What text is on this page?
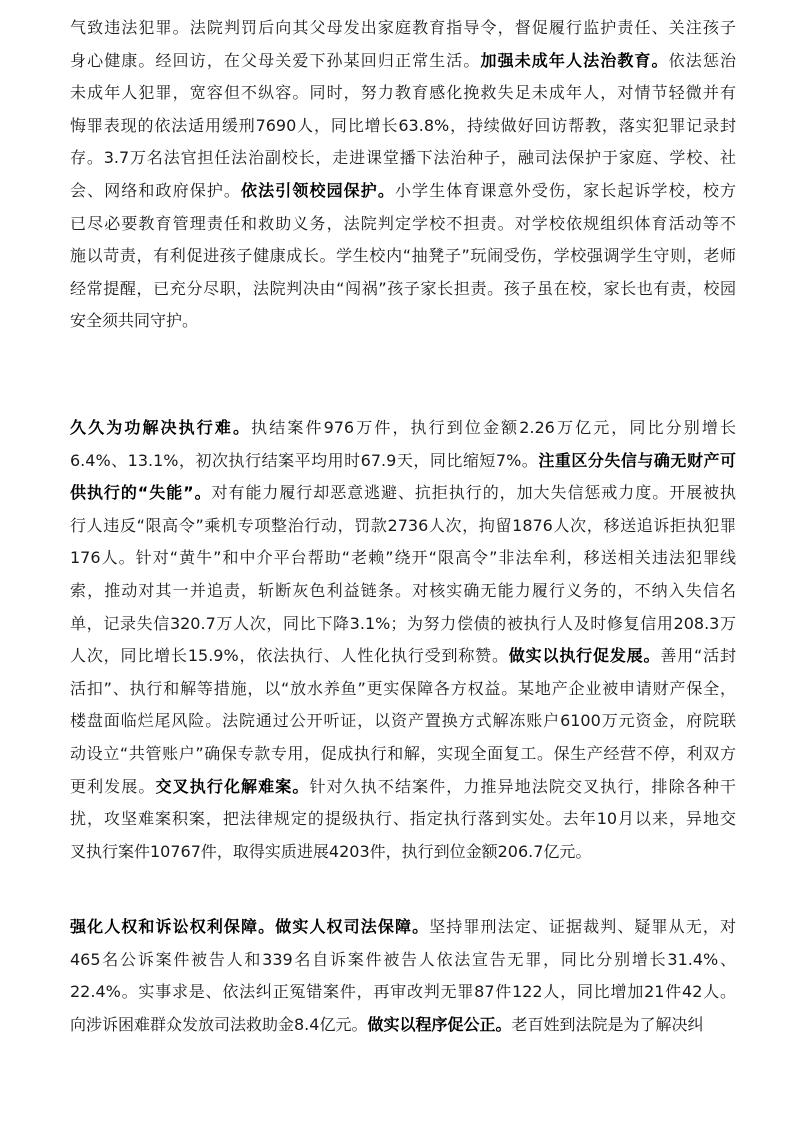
气致违法犯罪。法院判罚后向其父母发出家庭教育指导令，督促履行监护责任、关注孩子
身心健康。经回访，在父母关爱下孙某回归正常生活。加强未成年人法治教育。依法惩治
未成年人犯罪，宽容但不纵容。同时，努力教育感化挽救失足未成年人，对情节轻微并有
悔罪表现的依法适用缓刑7690人，同比增长63.8%，持续做好回访帮教，落实犯罪记录封
存。3.7万名法官担任法治副校长，走进课堂播下法治种子，融司法保护于家庭、学校、社
会、网络和政府保护。依法引领校园保护。小学生体育课意外受伤，家长起诉学校，校方
已尽必要教育管理责任和救助义务，法院判定学校不担责。对学校依规组织体育活动等不
施以苛责，有利促进孩子健康成长。学生校内“抽凳子”玩闹受伤，学校强调学生守则，老师
经常提醒，已充分尽职，法院判决由“闯祸”孩子家长担责。孩子虽在校，家长也有责，校园
安全须共同守护。
久久为功解决执行难。执结案件976万件，执行到位金额2.26万亿元，同比分别增长
6.4%、13.1%，初次执行结案平均用时67.9天，同比缩短7%。注重区分失信与确无财产可
供执行的“失能”。对有能力履行却恶意逃避、抗拒执行的，加大失信惩戒力度。开展被执
行人违反“限高令”乘机专项整治行动，罚款2736人次，拘留1876人次，移送追诉拒执犯罪
176人。针对“黄牛”和中介平台帮助“老赖”绕开“限高令”非法牟利，移送相关违法犯罪线
索，推动对其一并追责，斩断灰色利益链条。对核实确无能力履行义务的，不纳入失信名
单，记录失信320.7万人次，同比下降3.1%；为努力偿债的被执行人及时修复信用208.3万
人次，同比增长15.9%，依法执行、人性化执行受到称赞。做实以执行促发展。善用“活封
活扣”、执行和解等措施，以“放水养鱼”更实保障各方权益。某地产企业被申请财产保全，
楼盘面临烂尾风险。法院通过公开听证，以资产置换方式解冻账户6100万元资金，府院联
动设立“共管账户”确保专款专用，促成执行和解，实现全面复工。保生产经营不停，利双方
更利发展。交叉执行化解难案。针对久执不结案件，力推异地法院交叉执行，排除各种干
扰，攻坚难案积案，把法律规定的提级执行、指定执行落到实处。去年10月以来，异地交
叉执行案件10767件，取得实质进展4203件，执行到位金额206.7亿元。
强化人权和诉讼权利保障。做实人权司法保障。坚持罪刑法定、证据裁判、疑罪从无，对
465名公诉案件被告人和339名自诉案件被告人依法宣告无罪，同比分别增长31.4%、
22.4%。实事求是、依法纠正冤错案件，再审改判无罪87件122人，同比增加21件42人。
向涉诉困难群众发放司法救助金8.4亿元。做实以程序促公正。老百姓到法院是为了解决纠
